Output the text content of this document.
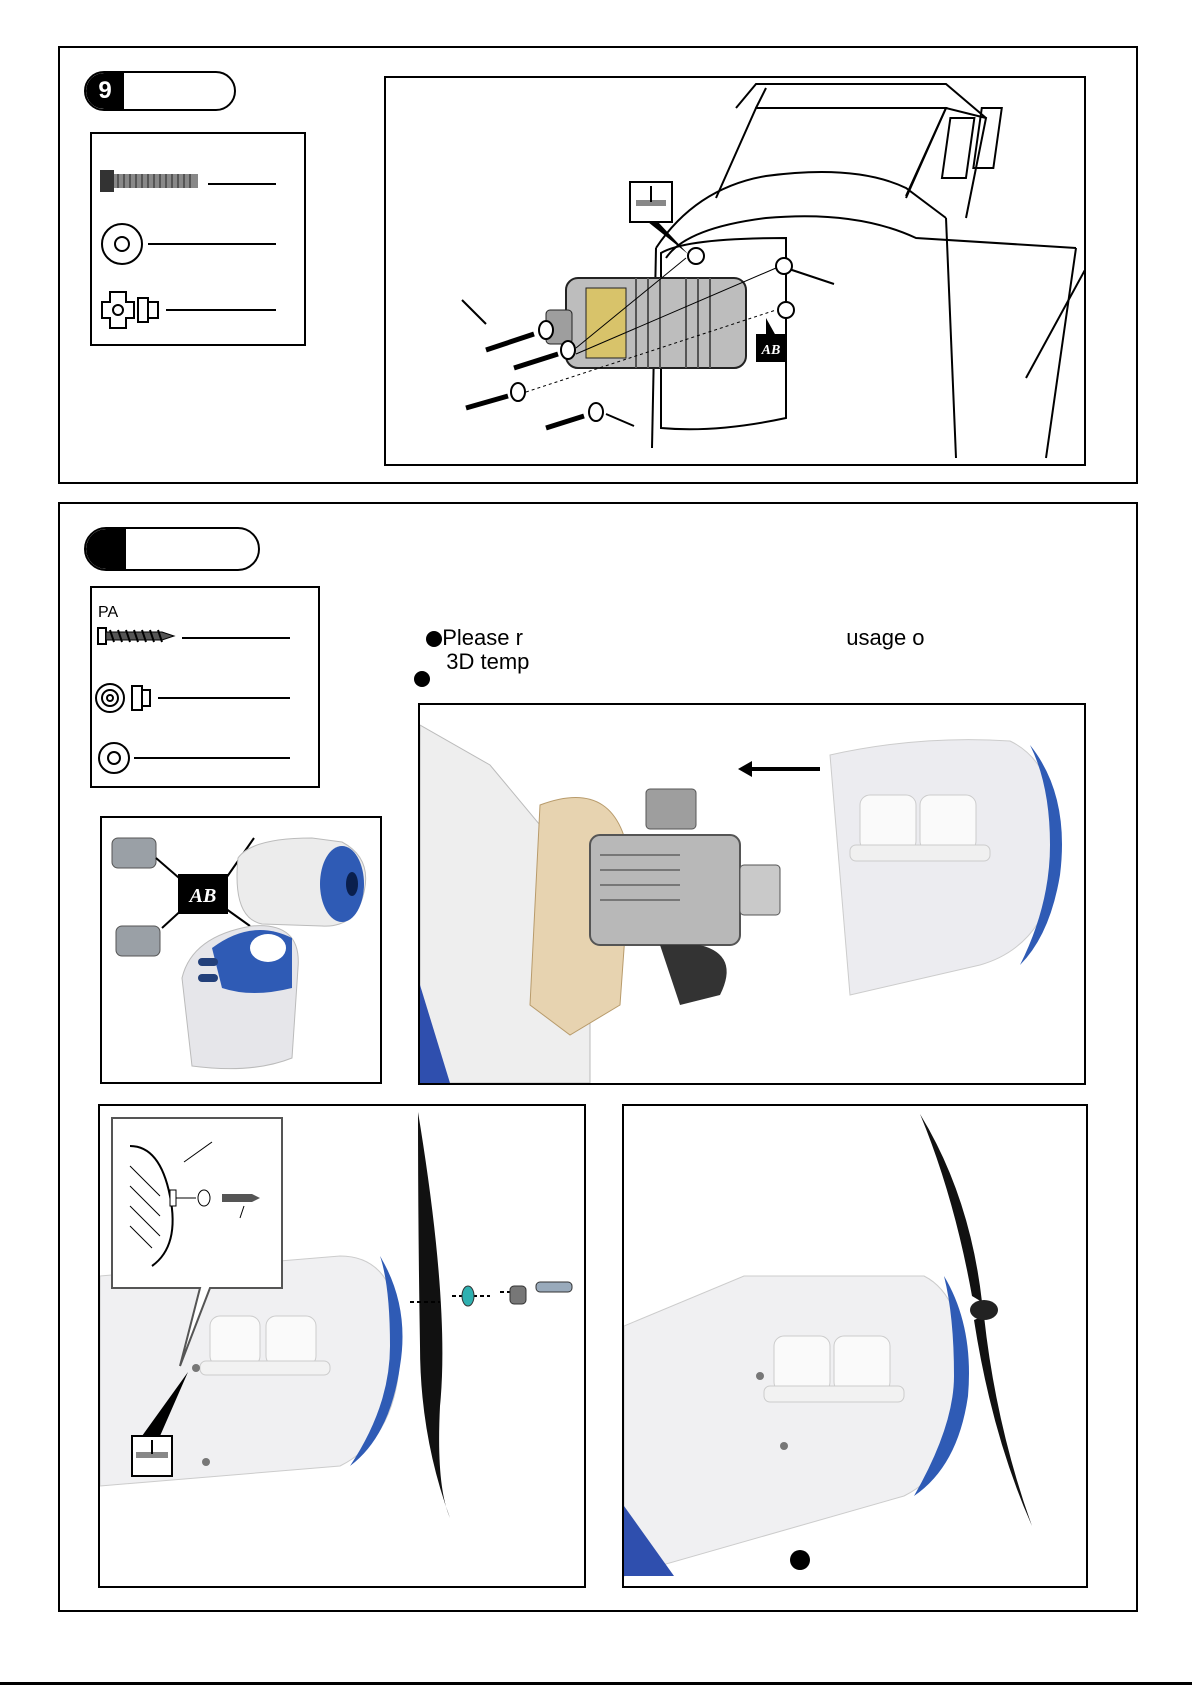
9
AB
PA

Please r	usage o

3D temp

AB
